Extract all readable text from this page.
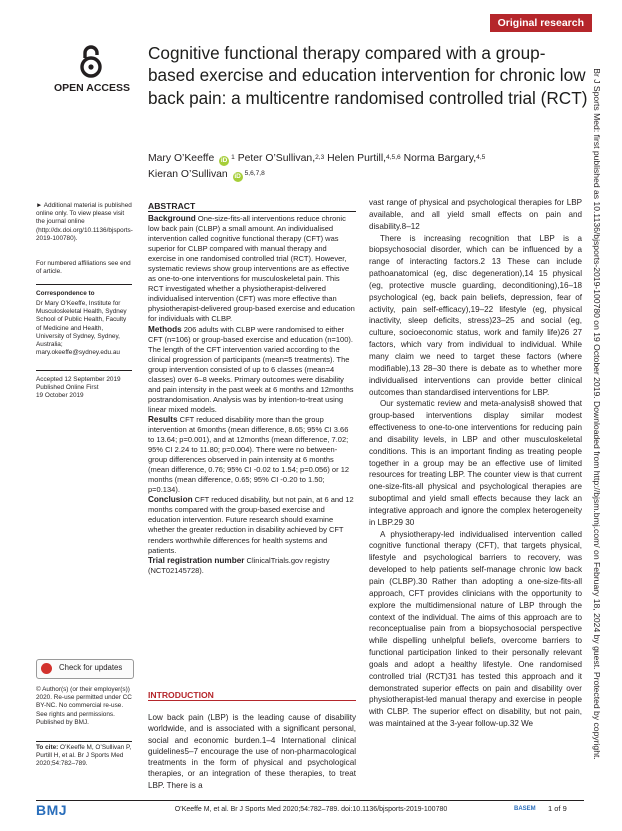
Original research
Br J Sports Med: first published as 10.1136/bjsports-2019-100780 on 19 October 2019. Downloaded from http://bjsm.bmj.com/ on February 18, 2024 by guest. Protected by copyright.
OPEN ACCESS
Cognitive functional therapy compared with a group-based exercise and education intervention for chronic low back pain: a multicentre randomised controlled trial (RCT)
Mary O’Keeffe iD $^1$ Peter O’Sullivan,$^{2,3}$ Helen Purtill,$^{4,5,6}$ Norma Bargary,$^{4,5}$
Kieran O’Sullivan iD $^{5,6,7,8}$
► Additional material is published online only. To view please visit the journal online (http://dx.doi.org/10.1136/bjsports-2019-100780).
For numbered affiliations see end of article.
Correspondence to
Dr Mary O’Keeffe, Institute for Musculoskeletal Health, Sydney School of Public Health, Faculty of Medicine and Health, University of Sydney, Sydney, Australia; mary.okeeffe@sydney.edu.au
Accepted 12 September 2019
Published Online First
19 October 2019
Check for updates
© Author(s) (or their employer(s)) 2020. Re-use permitted under CC BY-NC. No commercial re-use. See rights and permissions. Published by BMJ.
To cite: O’Keeffe M, O’Sullivan P, Purtill H, et al. Br J Sports Med 2020;54:782–789.
ABSTRACT

Background One-size-fits-all interventions reduce chronic low back pain (CLBP) a small amount. An individualised intervention called cognitive functional therapy (CFT) was superior for CLBP compared with manual therapy and exercise in one randomised controlled trial (RCT). However, systematic reviews show group interventions are as effective as one-to-one interventions for musculoskeletal pain. This RCT investigated whether a physiotherapist-delivered individualised intervention (CFT) was more effective than physiotherapist-delivered group-based exercise and education for individuals with CLBP.

Methods 206 adults with CLBP were randomised to either CFT (n=106) or group-based exercise and education (n=100). The length of the CFT intervention varied according to the clinical progression of participants (mean=5 treatments). The group intervention consisted of up to 6 classes (mean=4 classes) over 6–8 weeks. Primary outcomes were disability and pain intensity in the past week at 6 months and 12months postrandomisation. Analysis was by intention-to-treat using linear mixed models.

Results CFT reduced disability more than the group intervention at 6months (mean difference, 8.65; 95% CI 3.66 to 13.64; p=0.001), and at 12months (mean difference, 7.02; 95% CI 2.24 to 11.80; p=0.004). There were no between-group differences observed in pain intensity at 6 months (mean difference, 0.76; 95% CI -0.02 to 1.54; p=0.056) or 12 months (mean difference, 0.65; 95% CI -0.20 to 1.50; p=0.134).

Conclusion CFT reduced disability, but not pain, at 6 and 12 months compared with the group-based exercise and education intervention. Future research should examine whether the greater reduction in disability achieved by CFT renders worthwhile differences for health systems and patients.

Trial registration number ClinicalTrials.gov registry (NCT02145728).

INTRODUCTION
Low back pain (LBP) is the leading cause of disability worldwide, and is associated with a significant personal, social and economic burden.1–4 International clinical guidelines5–7 encourage the use of non-pharmacological treatments in the form of physical and psychological therapies, or an integration of these therapies, to treat LBP. There is a

vast range of physical and psychological therapies for LBP available, and all yield small effects on pain and disability.8–12

There is increasing recognition that LBP is a biopsychosocial disorder, which can be influenced by a range of interacting factors.2 13 These can include pathoanatomical (eg, disc degeneration),14 15 physical (eg, protective muscle guarding, deconditioning),16–18 psychological (eg, back pain beliefs, depression, fear of activity, pain self-efficacy),19–22 lifestyle (eg, physical inactivity, sleep deficits, stress)23–25 and social (eg, culture, socioeconomic status, work and family life)26 27 factors, which vary from individual to individual. While many claim we need to target these factors (where modifiable),13 28–30 there is debate as to whether more individualised interventions can provide better clinical outcomes than standardised interventions for LBP.

Our systematic review and meta-analysis8 showed that group-based interventions display similar modest effectiveness to one-to-one interventions for reducing pain and disability levels, in LBP and other musculoskeletal conditions. This is an important finding as treating people together in a group may be an effective use of limited resources for treating LBP. The counter view is that current one-size-fits-all physical and psychological therapies are suboptimal and yield small effects because they lack an integrative approach and ignore the complex heterogeneity in LBP.29 30

A physiotherapy-led individualised intervention called cognitive functional therapy (CFT), that targets physical, lifestyle and psychological barriers to recovery, was developed to help patients self-manage chronic low back pain (CLBP).30 Rather than adopting a one-size-fits-all approach, CFT provides clinicians with the opportunity to explore the multidimensional nature of LBP through the context of the individual. The aims of this approach are to reconceptualise pain from a biopsychosocial perspective while dispelling unhelpful beliefs, overcome barriers to functional participation linked to their personally relevant goals and adopt a healthy lifestyle. One randomised controlled trial (RCT)31 has tested this approach and it demonstrated superior effects on pain and disability over physiotherapist-led manual therapy and exercise in people with CLBP. The superior effect on disability, but not pain, was maintained at the 3-year follow-up.32 We

BMJ	O’Keeffe M, et al. Br J Sports Med 2020;54:782–789. doi:10.1136/bjsports-2019-100780	BASEM 1 of 9
